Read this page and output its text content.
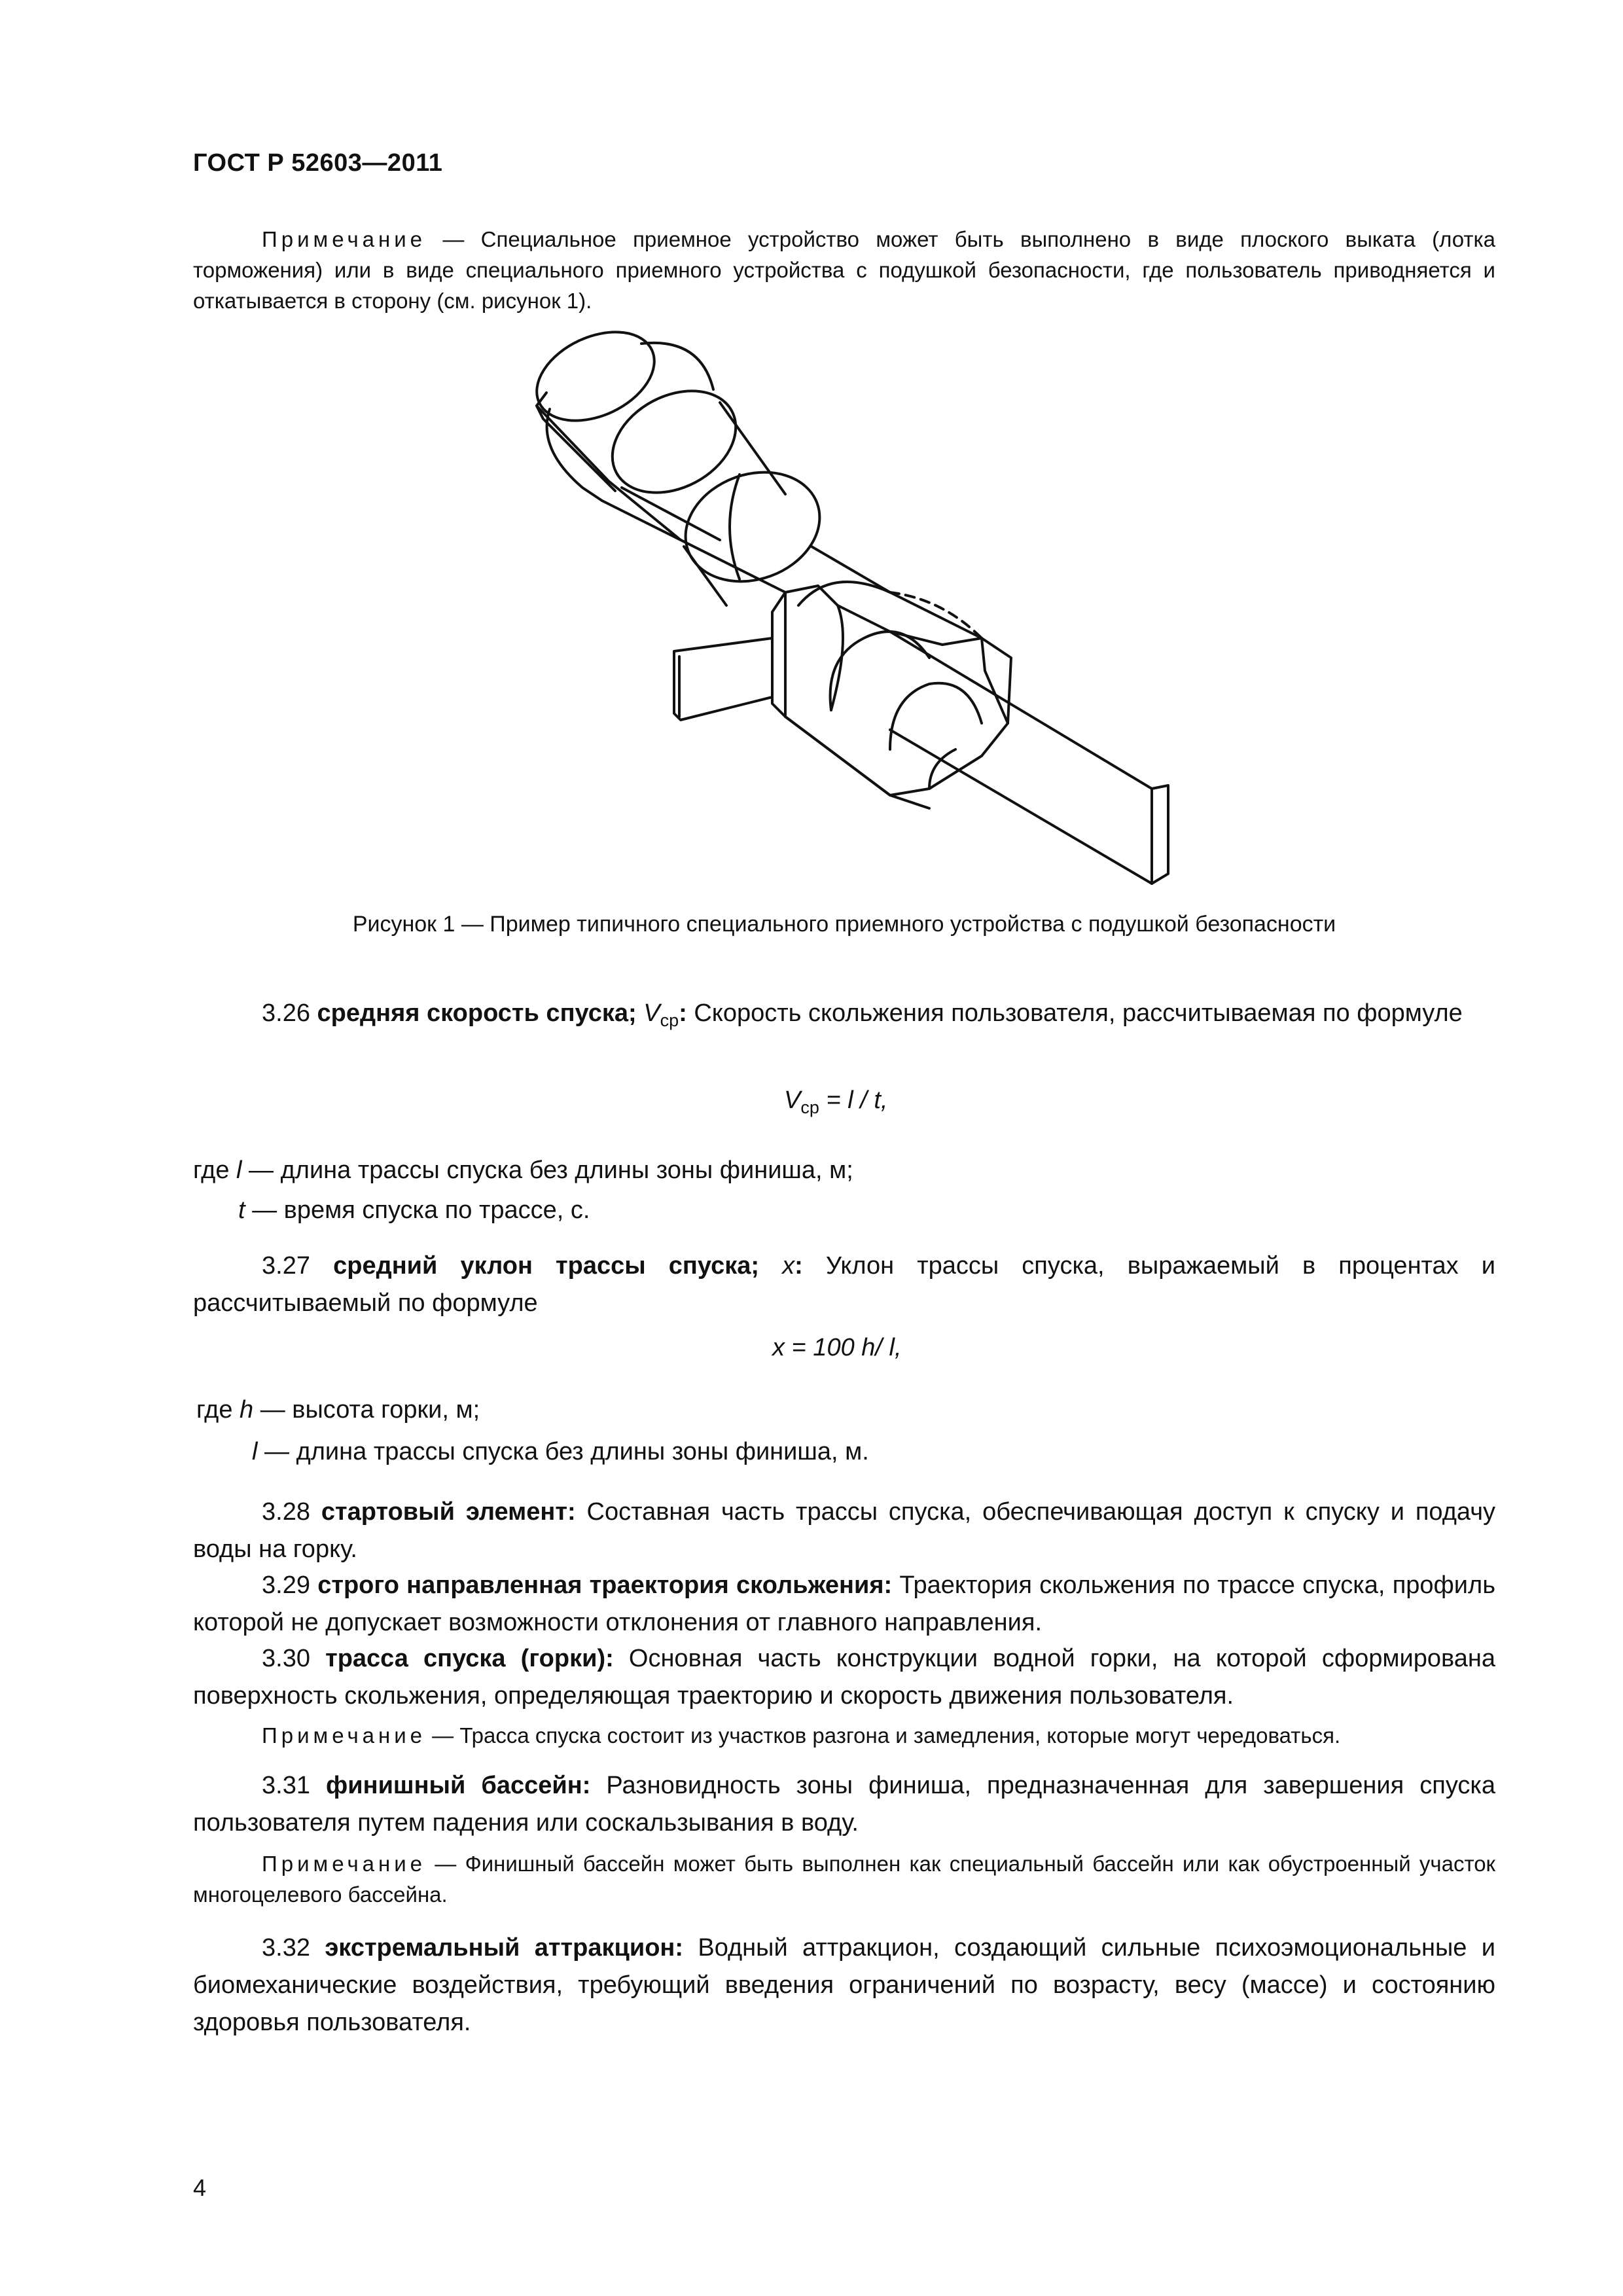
ГОСТ Р 52603—2011
Примечание — Специальное приемное устройство может быть выполнено в виде плоского выката (лотка торможения) или в виде специального приемного устройства с подушкой безопасности, где пользователь приводняется и откатывается в сторону (см. рисунок 1).
Рисунок 1 — Пример типичного специального приемного устройства с подушкой безопасности
3.26 средняя скорость спуска; $V_{ср}$: Скорость скольжения пользователя, рассчитываемая по формуле
$V_{ср} = l / t$,
где l — длина трассы спуска без длины зоны финиша, м;
t — время спуска по трассе, с.
3.27 средний уклон трассы спуска; x: Уклон трассы спуска, выражаемый в процентах и рассчитываемый по формуле
x = 100 h/ l,
где h — высота горки, м;
l — длина трассы спуска без длины зоны финиша, м.
3.28 стартовый элемент: Составная часть трассы спуска, обеспечивающая доступ к спуску и подачу воды на горку.
3.29 строго направленная траектория скольжения: Траектория скольжения по трассе спуска, профиль которой не допускает возможности отклонения от главного направления.
3.30 трасса спуска (горки): Основная часть конструкции водной горки, на которой сформирована поверхность скольжения, определяющая траекторию и скорость движения пользователя.
Примечание — Трасса спуска состоит из участков разгона и замедления, которые могут чередоваться.
3.31 финишный бассейн: Разновидность зоны финиша, предназначенная для завершения спуска пользователя путем падения или соскальзывания в воду.
Примечание — Финишный бассейн может быть выполнен как специальный бассейн или как обустроенный участок многоцелевого бассейна.
3.32 экстремальный аттракцион: Водный аттракцион, создающий сильные психоэмоциональные и биомеханические воздействия, требующий введения ограничений по возрасту, весу (массе) и состоянию здоровья пользователя.
4
